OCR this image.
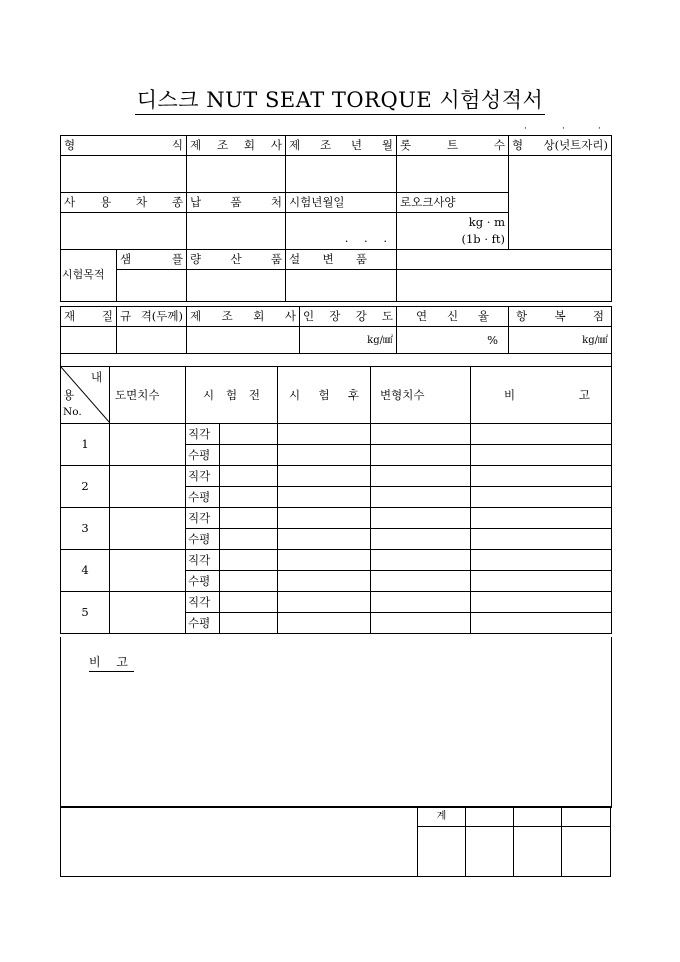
디스크 NUT SEAT TORQUE 시험성적서
·	·	·
형 식		제 조 회 사	제 조 년 월	롯 트 수	형 상(넛트자리)

사 용 차 종		납 품 처	시험년월일	로오크사양	

			. . .	kg · m
(1b · ft)	

시험목적	샘 플	량 산 품	설 변 품		

재 질	규 격(두께)	제 조 회 사	인 장 강 도	연 신 율	항 복 점

			kg/㎟	%	kg/㎟

내
용
No.	도면치수	시 험 전		시 험 후	변형치수	비 고

1		직각				
		수평				
2		직각				
		수평				
3		직각				
		수평				
4		직각				
		수평				
5		직각				
		수평				
비 고
	계			
